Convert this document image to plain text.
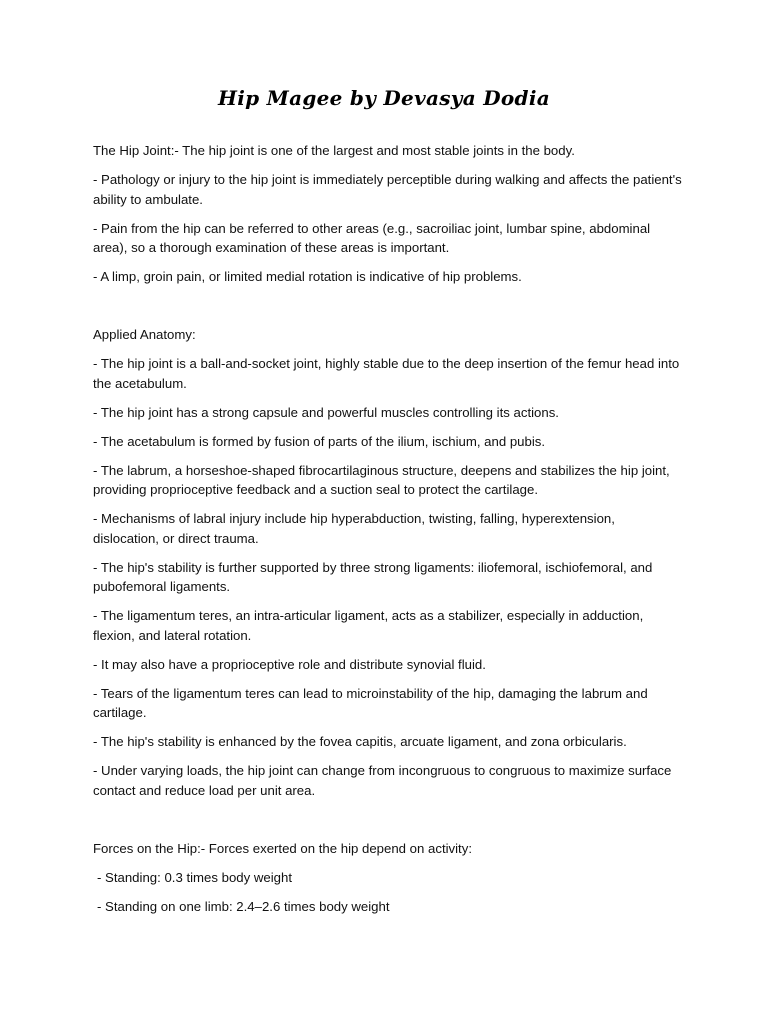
Hip Magee by Devasya Dodia

The Hip Joint:- The hip joint is one of the largest and most stable joints in the body.

- Pathology or injury to the hip joint is immediately perceptible during walking and affects the patient's ability to ambulate.

- Pain from the hip can be referred to other areas (e.g., sacroiliac joint, lumbar spine, abdominal area), so a thorough examination of these areas is important.

- A limp, groin pain, or limited medial rotation is indicative of hip problems.

Applied Anatomy:

- The hip joint is a ball-and-socket joint, highly stable due to the deep insertion of the femur head into the acetabulum.

- The hip joint has a strong capsule and powerful muscles controlling its actions.

- The acetabulum is formed by fusion of parts of the ilium, ischium, and pubis.

- The labrum, a horseshoe-shaped fibrocartilaginous structure, deepens and stabilizes the hip joint, providing proprioceptive feedback and a suction seal to protect the cartilage.

- Mechanisms of labral injury include hip hyperabduction, twisting, falling, hyperextension, dislocation, or direct trauma.

- The hip's stability is further supported by three strong ligaments: iliofemoral, ischiofemoral, and pubofemoral ligaments.

- The ligamentum teres, an intra-articular ligament, acts as a stabilizer, especially in adduction, flexion, and lateral rotation.

- It may also have a proprioceptive role and distribute synovial fluid.

- Tears of the ligamentum teres can lead to microinstability of the hip, damaging the labrum and cartilage.

- The hip's stability is enhanced by the fovea capitis, arcuate ligament, and zona orbicularis.

- Under varying loads, the hip joint can change from incongruous to congruous to maximize surface contact and reduce load per unit area.

Forces on the Hip:- Forces exerted on the hip depend on activity:

- Standing: 0.3 times body weight

- Standing on one limb: 2.4–2.6 times body weight
